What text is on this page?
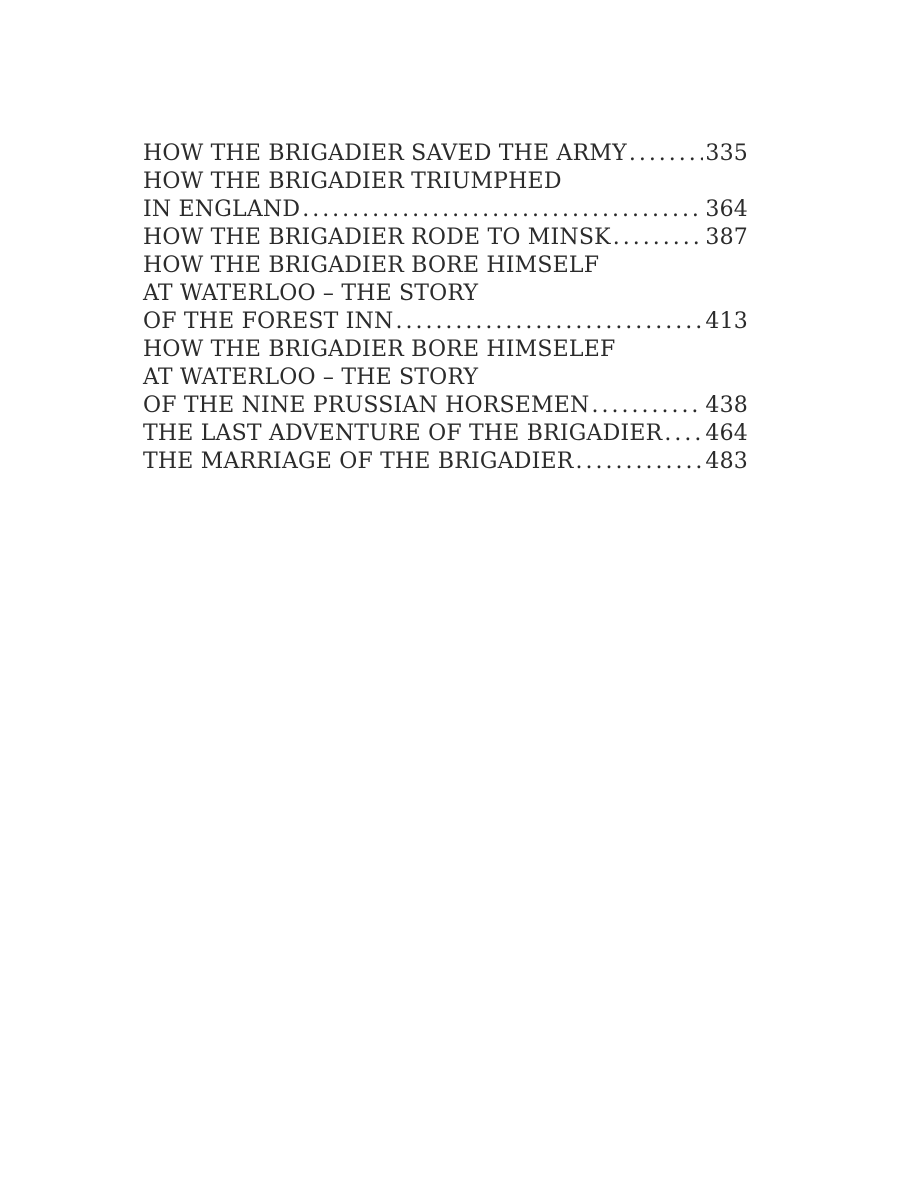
HOW THE BRIGADIER SAVED THE ARMY .....	335
HOW THE BRIGADIER TRIUMPHED
IN ENGLAND .....	364
HOW THE BRIGADIER RODE TO MINSK .....	387
HOW THE BRIGADIER BORE HIMSELF
AT WATERLOO – THE STORY
OF THE FOREST INN .....	413
HOW THE BRIGADIER BORE HIMSELEF
AT WATERLOO – THE STORY
OF THE NINE PRUSSIAN HORSEMEN .....	438
THE LAST ADVENTURE OF THE BRIGADIER ..... 464
THE MARRIAGE OF THE BRIGADIER .....	483
